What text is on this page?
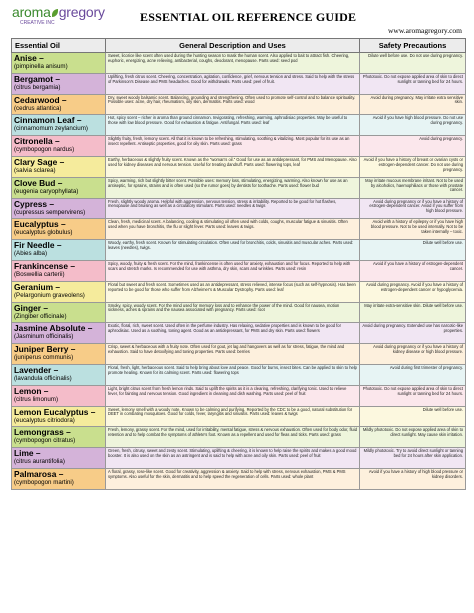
aroma gregory
CREATIVE INC	ESSENTIAL OIL REFERENCE GUIDE
www.aromagregory.com
Essential Oil	General Description and Uses	Safety Precautions

Anise –
(pimpinella anisum)	Sweet, licorice like scent often used during the hunting season to mask the human scent. Also applied to bait to attract fish. Cheering, euphoric, energizing, acne relieving, antibacterial, coughs, deodorant, menopause. Parts used: seed pod	Dilute well before use. Do not use during pregnancy.

Bergamot –
(citrus bergamia)	Uplifting, fresh citrus scent. Cheering, concentration, agitation, confidence, grief, nervous tension and stress. Said to help with the stress of Parkinson's Disease and PMS headaches. Good for withdrawals. Parts used: peel of fruit.	Phototoxic. Do not expose applied area of skin to direct sunlight or tanning bed for 24 hours.

Cedarwood –
(cedrus atlantica)	Dry, sweet woody balsamic scent. Balancing, grounding and strengthening. Often used to promote self-control and to balance spirituality. Possible uses: acne, dry hair, rheumatism, oily skin, dermatitis. Parts used: wood	Avoid during pregnancy. May irritate extra sensitive skin.

Cinnamon Leaf –
(cinnamomum zeylancium)	Hot, spicy scent – richer in aroma than ground cinnamon. Invigorating, refreshing, warming, aphrodisiac properties. May be useful to those with low blood pressure. Good for exhaustion & fatigue. Antifungal. Parts used: leaf	Avoid if you have high blood pressure. Do not use during pregnancy.

Citronella –
(cymbopogon nardus)	Slightly fruity, fresh, lemony scent. All that it is known to be refreshing, stimulating, soothing & vitalizing. Most popular for its use as an insect repellent. Antiseptic properties, good for oily skin. Parts used: grass	Avoid during pregnancy.

Clary Sage –
(salvia sclarea)	Earthy, herbaceous & slightly fruity scent. Known as the "woman's oil." Good for use as an antidepressant, for PMS and Menopause. Also used for kidney diseases and nervous tension. Useful for treating dandruff. Parts used: flowering tops, leaf	Avoid if you have a history of breast or ovarian cysts or estrogen-dependent cancer. Do not use during pregnancy.

Clove Bud –
(eugenia caryophyllata)	Spicy, warming, rich but slightly bitter scent. Possible uses: memory loss, stimulating, energizing, warming. Also known for use as an antiseptic, for sprains, strains and is often used (so the rumor goes) by dentists for toothache. Parts used: flower bud	May irritate mucous membrane irritant. Not to be used by alcoholics, haemophiliacs or those with prostate cancer.

Cypress –
(cupressus sempervirens)	Fresh, slightly woody aroma. Helpful with aggression, nervous tension, stress & irritability. Reported to be good for hot flashes, menopause and bruising as well as a circulatory stimulant. Parts used: needles & twigs	Avoid during pregnancy or if you have a history of estrogen-dependent cancer. Avoid if you suffer from high blood pressure.

Eucalyptus –
(eucalyptus globulus)	Clean, fresh, medicinal scent. A balancing, cooling & stimulating oil often used with colds, coughs, muscular fatigue & sinusitis. Often used when you have bronchitis, the flu or slight fever. Parts used: leaves & twigs.	Avoid with a history of epilepsy or if you have high blood pressure. Not to be used internally. Not to be taken internally – toxic.

Fir Needle –
(Abies alba)	Woody, earthy, fresh scent. Known for stimulating circulation. Often used for bronchitis, colds, sinusitis and muscular aches. Parts used: leaves (needles), twigs.	Dilute well before use.

Frankincense –
(Boswellia carterii)	Spicy, woody, fruity & fresh scent. For the mind, frankincense is often used for anxiety, exhaustion and for focus. Reported to help with scars and stretch marks. Is recommended for use with asthma, dry skin, scars and wrinkles. Parts used: resin	Avoid if you have a history of estrogen-dependent cancer.

Geranium –
(Pelargonium graveolens)	Floral but sweet and fresh scent. Sometimes used as an antidepressant, stress relieved, intense focus (such as self-hypnosis). Has been reported to be good for those who suffer from Alzheimer's & Muscular Dystrophy. Parts used: leaf	Avoid during pregnancy. Avoid if you have a history of estrogen-dependent cancer or hypoglycemia.

Ginger –
(Zingiber officinale)	Smoky, spicy, woody scent. For the mind used for memory loss and to enhance the power of the mind. Good for nausea, motion sickness, aches & sprains and the nausea associated with pregnancy. Parts used: root	May irritate extra-sensitive skin. Dilute well before use.

Jasmine Absolute –
(Jasminum officinalis)	Exotic, floral, rich, sweet scent. Used often in the perfume industry. Has relaxing, sedative properties and is known to be good for aphrodisiac. Used as a soothing, toning agent. Good as an antidepressant, for PMS and dry skin. Parts used: flowers	Avoid during pregnancy. Extended use has narcotic-like properties.

Juniper Berry –
(juniperus communis)	Crisp, sweet & herbaceous with a fruity note. Often used for gout, jet lag and hangovers as well as for stress, fatigue, the mind and exhaustion. Said to have detoxifying and toning properties. Parts used: berries	Avoid during pregnancy or if you have a history of kidney disease or high blood pressure.

Lavender –
(lavandula officinalis)	Floral, fresh, light, herbaceous scent. Said to help bring about love and peace. Good for burns, insect bites. Can be applied to skin to help promote healing. Known for its calming scent. Parts used: flowering tops	Avoid during first trimester of pregnancy.

Lemon –
(citrus limonum)	Light, bright citrus scent from fresh lemon rinds. Said to uplift the spirits as it is a clearing, refreshing, clarifying tonic. Used to relieve fever, for fainting and nervous tension. Good ingredient in cleaning and dish washing. Parts used: peel of fruit	Phototoxic. Do not expose applied area of skin to direct sunlight or tanning bed for 24 hours.

Lemon Eucalyptus –
(eucalyptus citriodora)	Sweet, lemony smell with a woody note. Known to be calming and purifying. Reported by the CDC to be a good, natural substitution for DEET in combating mosquitoes. Good for colds, fever, laryngitis and sinusitis. Parts used: leaves & twigs	Dilute well before use.

Lemongrass –
(cymbopogon citratus)	Fresh, lemony, grassy scent. For the mind, used for irritability, mental fatigue, stress & nervous exhaustion. Often used for body odor, fluid retention and to help combat the symptoms of athlete's foot. Known as a repellent and used for fleas and ticks. Parts used: grass	Mildly phototoxic. Do not expose applied area of skin to direct sunlight. May cause skin irritation.

Lime –
(citrus aurantifolia)	Green, fresh, citrusy, sweet and zesty scent. Stimulating, uplifting & cheering, it is known to help raise the spirits and makes a good mood booster. It is also used on the skin as an astringent and is said to help with acne and oily skin. Parts used: peel of fruit	Mildly phototoxic. Try to avoid direct sunlight or tanning bed for 24 hours after skin application.

Palmarosa –
(cymbopogon martini)	A floral, grassy, rose-like scent. Good for creativity, aggression & anxiety. Said to help with stress, nervous exhaustion, PMS & PMS symptoms. Also useful for the skin, dermatitis and to help speed the regeneration of cells. Parts used: whole plant	Avoid if you have a history of high blood pressure or kidney disorders.
